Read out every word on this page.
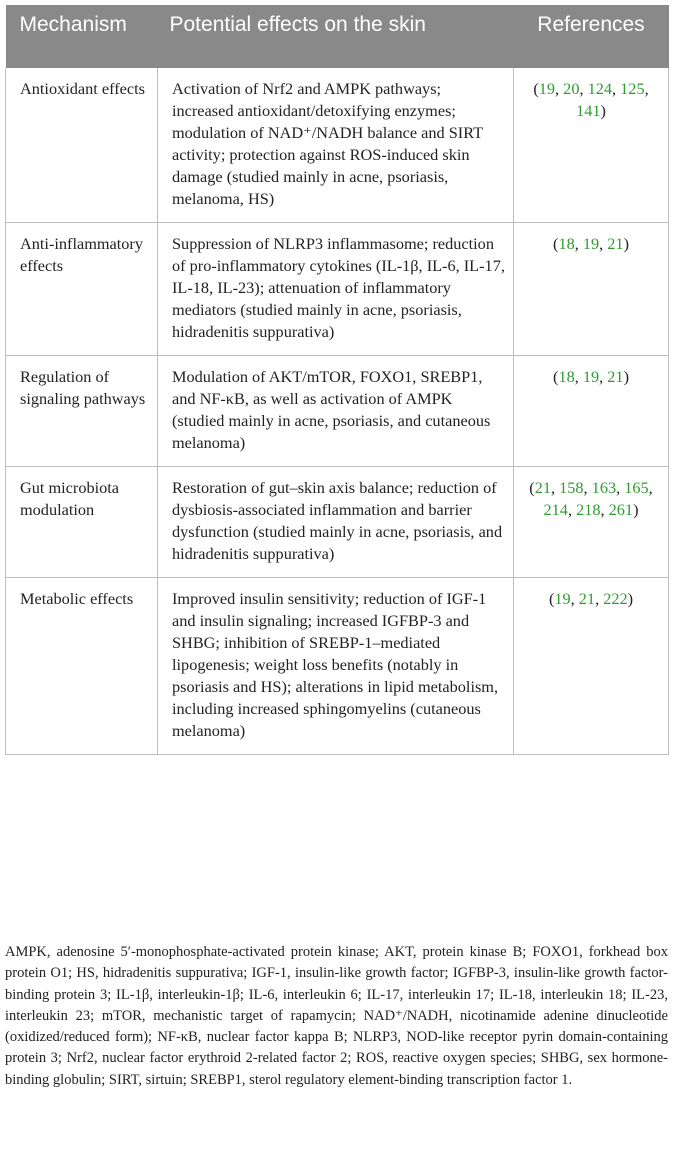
Mechanism	Potential effects on the skin	References
Antioxidant effects	Activation of Nrf2 and AMPK pathways; increased antioxidant/detoxifying enzymes; modulation of NAD⁺/NADH balance and SIRT activity; protection against ROS-induced skin damage (studied mainly in acne, psoriasis, melanoma, HS)	(19, 20, 124, 125, 141)
Anti-inflammatory effects	Suppression of NLRP3 inflammasome; reduction of pro-inflammatory cytokines (IL-1β, IL-6, IL-17, IL-18, IL-23); attenuation of inflammatory mediators (studied mainly in acne, psoriasis, hidradenitis suppurativa)	(18, 19, 21)
Regulation of signaling pathways	Modulation of AKT/mTOR, FOXO1, SREBP1, and NF-κB, as well as activation of AMPK (studied mainly in acne, psoriasis, and cutaneous melanoma)	(18, 19, 21)
Gut microbiota modulation	Restoration of gut–skin axis balance; reduction of dysbiosis-associated inflammation and barrier dysfunction (studied mainly in acne, psoriasis, and hidradenitis suppurativa)	(21, 158, 163, 165, 214, 218, 261)
Metabolic effects	Improved insulin sensitivity; reduction of IGF-1 and insulin signaling; increased IGFBP-3 and SHBG; inhibition of SREBP-1–mediated lipogenesis; weight loss benefits (notably in psoriasis and HS); alterations in lipid metabolism, including increased sphingomyelins (cutaneous melanoma)	(19, 21, 222)
AMPK, adenosine 5′-monophosphate-activated protein kinase; AKT, protein kinase B; FOXO1, forkhead box protein O1; HS, hidradenitis suppurativa; IGF-1, insulin-like growth factor; IGFBP-3, insulin-like growth factor-binding protein 3; IL-1β, interleukin-1β; IL-6, interleukin 6; IL-17, interleukin 17; IL-18, interleukin 18; IL-23, interleukin 23; mTOR, mechanistic target of rapamycin; NAD⁺/NADH, nicotinamide adenine dinucleotide (oxidized/reduced form); NF-κB, nuclear factor kappa B; NLRP3, NOD-like receptor pyrin domain-containing protein 3; Nrf2, nuclear factor erythroid 2-related factor 2; ROS, reactive oxygen species; SHBG, sex hormone-binding globulin; SIRT, sirtuin; SREBP1, sterol regulatory element-binding transcription factor 1.
